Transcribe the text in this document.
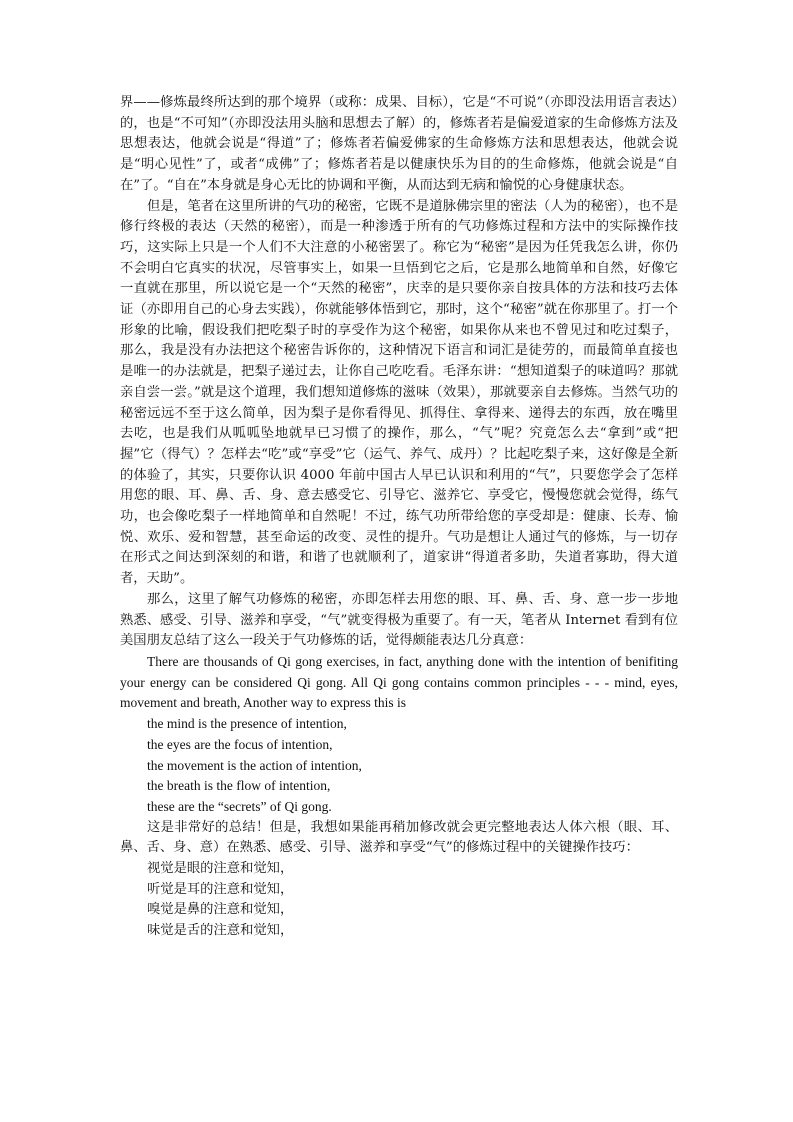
界——修炼最终所达到的那个境界（或称：成果、目标），它是“不可说”（亦即没法用语言表达）的，也是“不可知”（亦即没法用头脑和思想去了解）的，修炼者若是偏爱道家的生命修炼方法及思想表达，他就会说是“得道”了；修炼者若偏爱佛家的生命修炼方法和思想表达，他就会说是“明心见性”了，或者“成佛”了；修炼者若是以健康快乐为目的的生命修炼，他就会说是“自在”了。“自在”本身就是身心无比的协调和平衡，从而达到无病和愉悦的心身健康状态。

但是，笔者在这里所讲的气功的秘密，它既不是道脉佛宗里的密法（人为的秘密），也不是修行终极的表达（天然的秘密），而是一种渗透于所有的气功修炼过程和方法中的实际操作技巧，这实际上只是一个人们不大注意的小秘密罢了。称它为“秘密”是因为任凭我怎么讲，你仍不会明白它真实的状况，尽管事实上，如果一旦悟到它之后，它是那么地简单和自然，好像它一直就在那里，所以说它是一个“天然的秘密”，庆幸的是只要你亲自按具体的方法和技巧去体证（亦即用自己的心身去实践），你就能够体悟到它，那时，这个“秘密”就在你那里了。打一个形象的比喻，假设我们把吃梨子时的享受作为这个秘密，如果你从来也不曾见过和吃过梨子，那么，我是没有办法把这个秘密告诉你的，这种情况下语言和词汇是徒劳的，而最简单直接也是唯一的办法就是，把梨子递过去，让你自己吃吃看。毛泽东讲：“想知道梨子的味道吗？那就亲自尝一尝。”就是这个道理，我们想知道修炼的滋味（效果），那就要亲自去修炼。当然气功的秘密远远不至于这么简单，因为梨子是你看得见、抓得住、拿得来、递得去的东西，放在嘴里去吃，也是我们从呱呱坠地就早已习惯了的操作，那么，“气”呢？究竟怎么去“拿到”或“把握”它（得气）？怎样去“吃”或“享受”它（运气、养气、成丹）？比起吃梨子来，这好像是全新的体验了，其实，只要你认识 4000 年前中国古人早已认识和利用的“气”，只要您学会了怎样用您的眼、耳、鼻、舌、身、意去感受它、引导它、滋养它、享受它，慢慢您就会觉得，练气功，也会像吃梨子一样地简单和自然呢！不过，练气功所带给您的享受却是：健康、长寿、愉悦、欢乐、爱和智慧，甚至命运的改变、灵性的提升。气功是想让人通过气的修炼，与一切存在形式之间达到深刻的和谐，和谐了也就顺利了，道家讲“得道者多助，失道者寡助，得大道者，天助”。

那么，这里了解气功修炼的秘密，亦即怎样去用您的眼、耳、鼻、舌、身、意一步一步地熟悉、感受、引导、滋养和享受，“气”就变得极为重要了。有一天，笔者从 Internet 看到有位美国朋友总结了这么一段关于气功修炼的话，觉得颇能表达几分真意：

There are thousands of Qi gong exercises, in fact, anything done with the intention of benifiting your energy can be considered Qi gong. All Qi gong contains common principles - - - mind, eyes, movement and breath, Another way to express this is

the mind is the presence of intention,

the eyes are the focus of intention,

the movement is the action of intention,

the breath is the flow of intention,

these are the “secrets” of Qi gong.

这是非常好的总结！但是，我想如果能再稍加修改就会更完整地表达人体六根（眼、耳、鼻、舌、身、意）在熟悉、感受、引导、滋养和享受“气”的修炼过程中的关键操作技巧：

视觉是眼的注意和觉知，

听觉是耳的注意和觉知，

嗅觉是鼻的注意和觉知，

味觉是舌的注意和觉知，
